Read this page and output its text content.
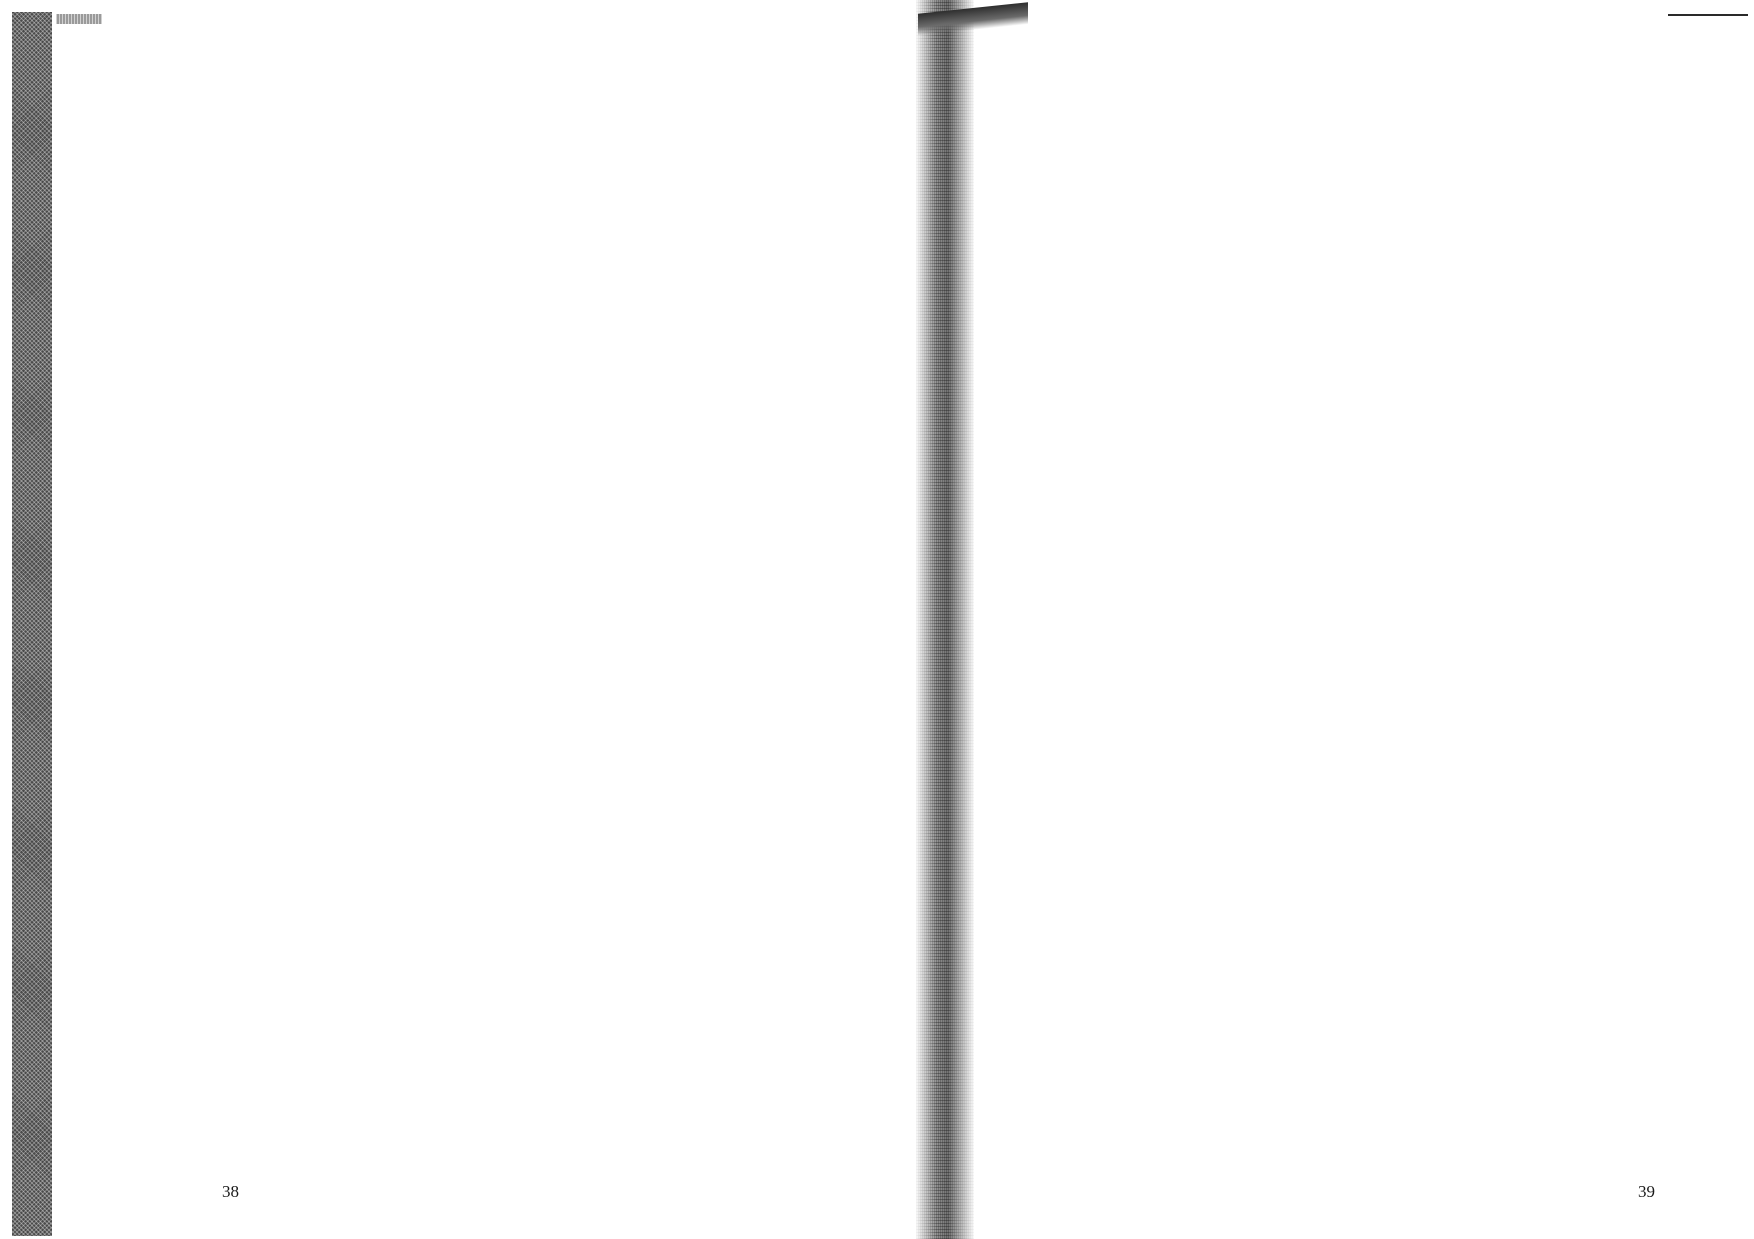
38	39
